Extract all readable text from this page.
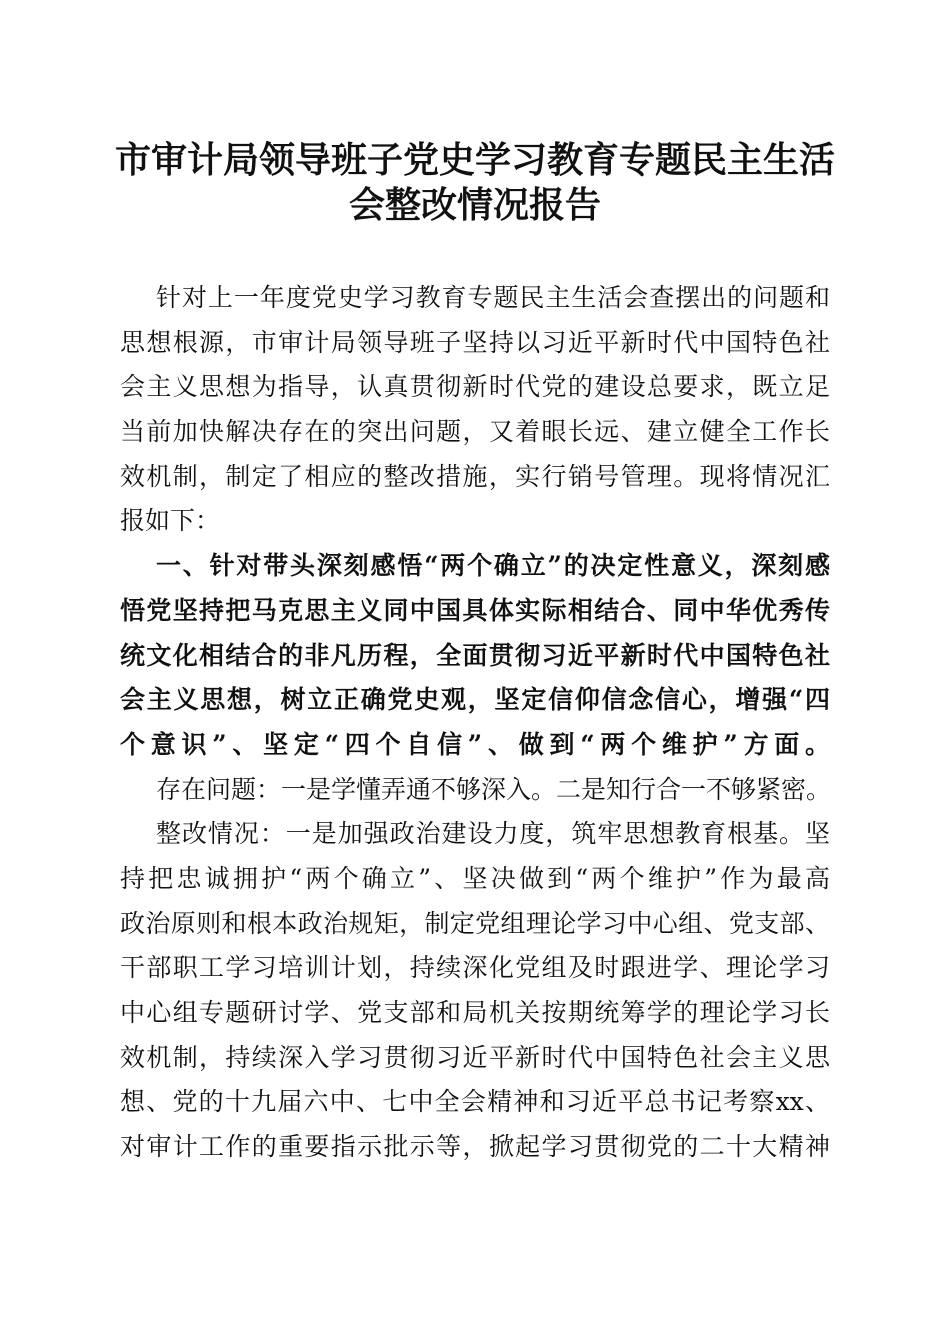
市审计局领导班子党史学习教育专题民主生活
会整改情况报告
针对上一年度党史学习教育专题民主生活会查摆出的问题和
思想根源，市审计局领导班子坚持以习近平新时代中国特色社
会主义思想为指导，认真贯彻新时代党的建设总要求，既立足
当前加快解决存在的突出问题，又着眼长远、建立健全工作长
效机制，制定了相应的整改措施，实行销号管理。现将情况汇
报如下：
一、针对带头深刻感悟“两个确立”的决定性意义，深刻感
悟党坚持把马克思主义同中国具体实际相结合、同中华优秀传
统文化相结合的非凡历程，全面贯彻习近平新时代中国特色社
会主义思想，树立正确党史观，坚定信仰信念信心，增强“四
个意识”、坚定“四个自信”、做到“两个维护”方面。
存在问题：一是学懂弄通不够深入。二是知行合一不够紧密。
整改情况：一是加强政治建设力度，筑牢思想教育根基。坚
持把忠诚拥护“两个确立”、坚决做到“两个维护”作为最高
政治原则和根本政治规矩，制定党组理论学习中心组、党支部、
干部职工学习培训计划，持续深化党组及时跟进学、理论学习
中心组专题研讨学、党支部和局机关按期统筹学的理论学习长
效机制，持续深入学习贯彻习近平新时代中国特色社会主义思
想、党的十九届六中、七中全会精神和习近平总书记考察xx、
对审计工作的重要指示批示等，掀起学习贯彻党的二十大精神
